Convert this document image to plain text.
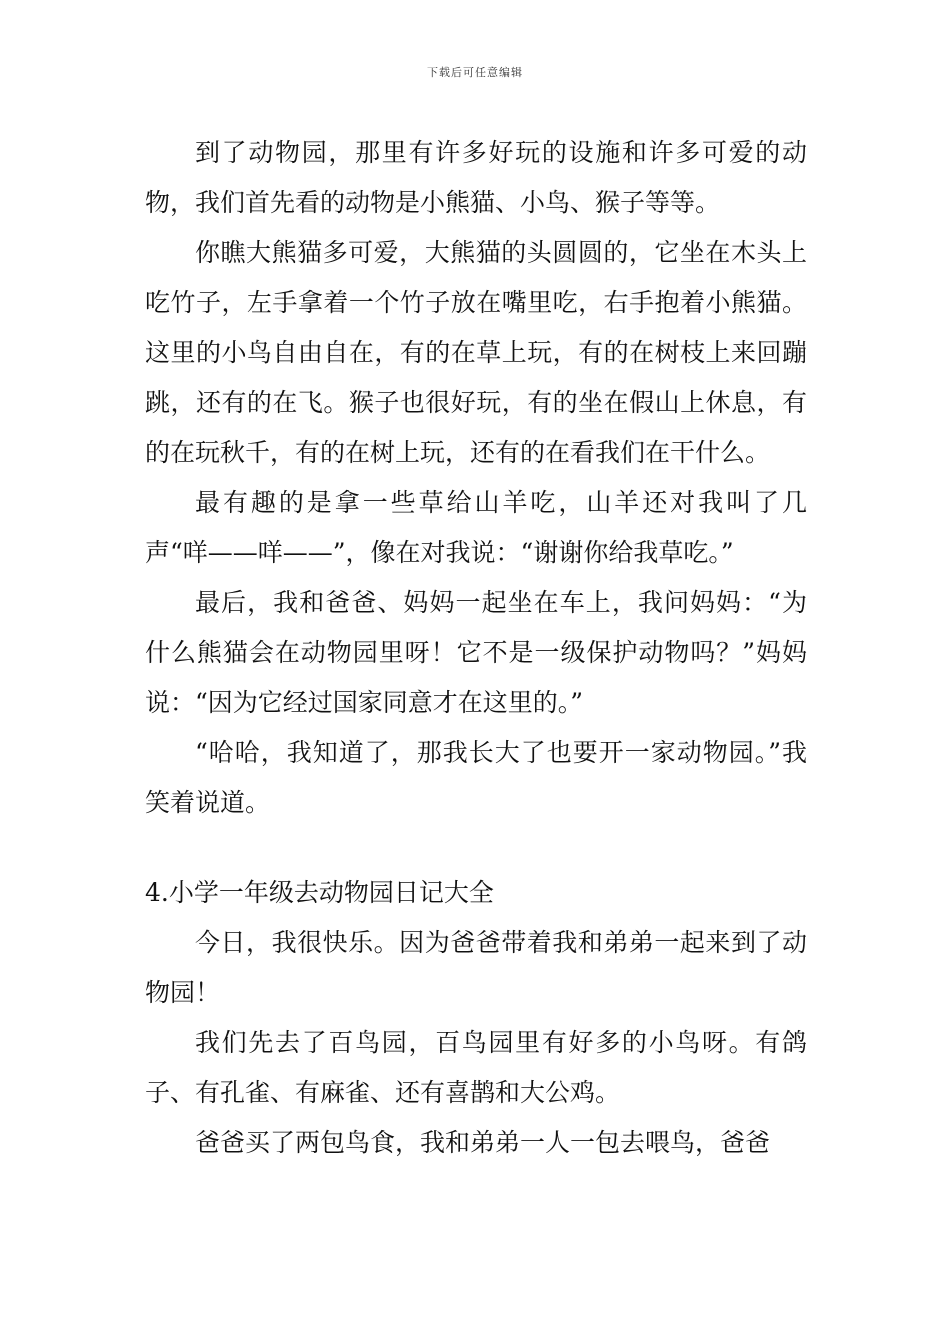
下载后可任意编辑

到了动物园，那里有许多好玩的设施和许多可爱的动物，我们首先看的动物是小熊猫、小鸟、猴子等等。

你瞧大熊猫多可爱，大熊猫的头圆圆的，它坐在木头上吃竹子，左手拿着一个竹子放在嘴里吃，右手抱着小熊猫。这里的小鸟自由自在，有的在草上玩，有的在树枝上来回蹦跳，还有的在飞。猴子也很好玩，有的坐在假山上休息，有的在玩秋千，有的在树上玩，还有的在看我们在干什么。

最有趣的是拿一些草给山羊吃，山羊还对我叫了几声“咩——咩——”，像在对我说：“谢谢你给我草吃。”

最后，我和爸爸、妈妈一起坐在车上，我问妈妈：“为什么熊猫会在动物园里呀！它不是一级保护动物吗？”妈妈说：“因为它经过国家同意才在这里的。”

“哈哈，我知道了，那我长大了也要开一家动物园。”我笑着说道。

4.小学一年级去动物园日记大全

今日，我很快乐。因为爸爸带着我和弟弟一起来到了动物园！

我们先去了百鸟园，百鸟园里有好多的小鸟呀。有鸽子、有孔雀、有麻雀、还有喜鹊和大公鸡。

爸爸买了两包鸟食，我和弟弟一人一包去喂鸟，爸爸
